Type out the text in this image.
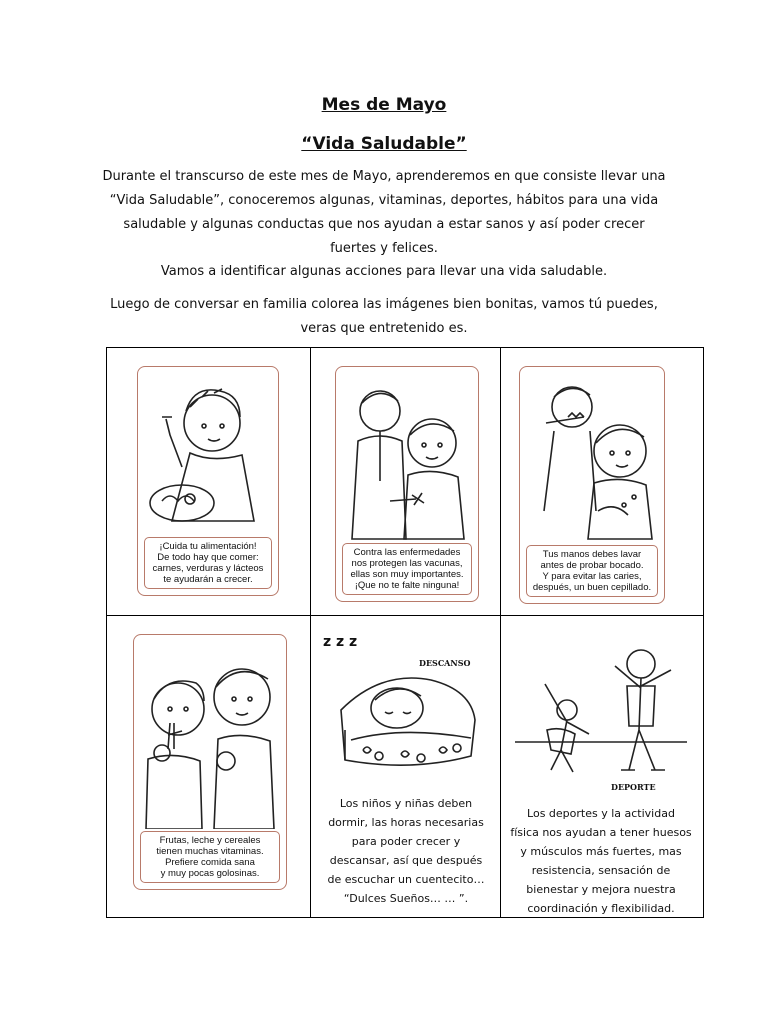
Mes de Mayo
“Vida Saludable”
Durante el transcurso de este mes de Mayo, aprenderemos en que consiste llevar una “Vida Saludable”, conoceremos algunas, vitaminas, deportes, hábitos para una vida saludable y algunas conductas que nos ayudan a estar sanos y así poder crecer fuertes y felices.
Vamos a identificar algunas acciones para llevar una vida saludable.
Luego de conversar en familia colorea las imágenes bien bonitas, vamos tú puedes, veras que entretenido es.
¡Cuida tu alimentación!
De todo hay que comer:
carnes, verduras y lácteos
te ayudarán a crecer.
Contra las enfermedades
nos protegen las vacunas,
ellas son muy importantes.
¡Que no te falte ninguna!
Tus manos debes lavar
antes de probar bocado.
Y para evitar las caries,
después, un buen cepillado.
Frutas, leche y cereales
tienen muchas vitaminas.
Prefiere comida sana
y muy pocas golosinas.
z z z
DESCANSO
Los niños y niñas deben
dormir, las horas necesarias
para poder crecer y
descansar, así que después
de escuchar un cuentecito…
“Dulces Sueños… … ”.
DEPORTE
Los deportes y la actividad
física nos ayudan a tener huesos
y músculos más fuertes, mas
resistencia, sensación de
bienestar y mejora nuestra
coordinación y flexibilidad.
